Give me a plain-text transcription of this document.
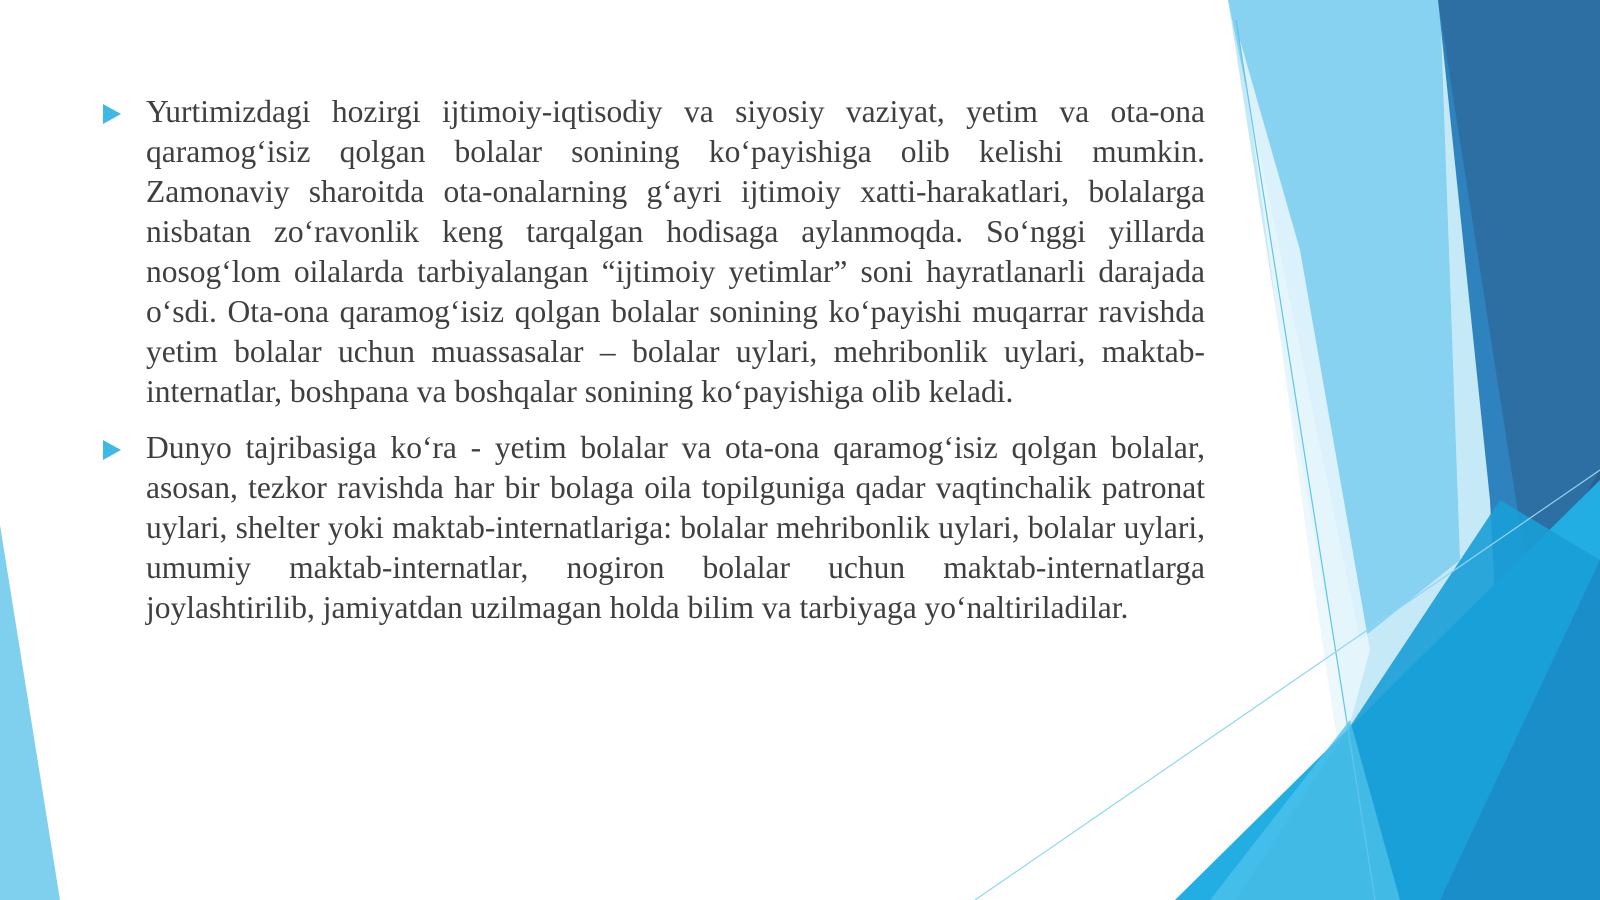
Yurtimizdagi hozirgi ijtimoiy-iqtisodiy va siyosiy vaziyat, yetim va ota-ona qaramog‘isiz qolgan bolalar sonining ko‘payishiga olib kelishi mumkin. Zamonaviy sharoitda ota-onalarning g‘ayri ijtimoiy xatti-harakatlari, bolalarga nisbatan zo‘ravonlik keng tarqalgan hodisaga aylanmoqda. So‘nggi yillarda nosog‘lom oilalarda tarbiyalangan “ijtimoiy yetimlar” soni hayratlanarli darajada o‘sdi. Ota-ona qaramog‘isiz qolgan bolalar sonining ko‘payishi muqarrar ravishda yetim bolalar uchun muassasalar – bolalar uylari, mehribonlik uylari, maktab-internatlar, boshpana va boshqalar sonining ko‘payishiga olib keladi.

Dunyo tajribasiga ko‘ra - yetim bolalar va ota-ona qaramog‘isiz qolgan bolalar, asosan, tezkor ravishda har bir bolaga oila topilguniga qadar vaqtinchalik patronat uylari, shelter yoki maktab-internatlariga: bolalar mehribonlik uylari, bolalar uylari, umumiy maktab-internatlar, nogiron bolalar uchun maktab-internatlarga joylashtirilib, jamiyatdan uzilmagan holda bilim va tarbiyaga yo‘naltiriladilar.
